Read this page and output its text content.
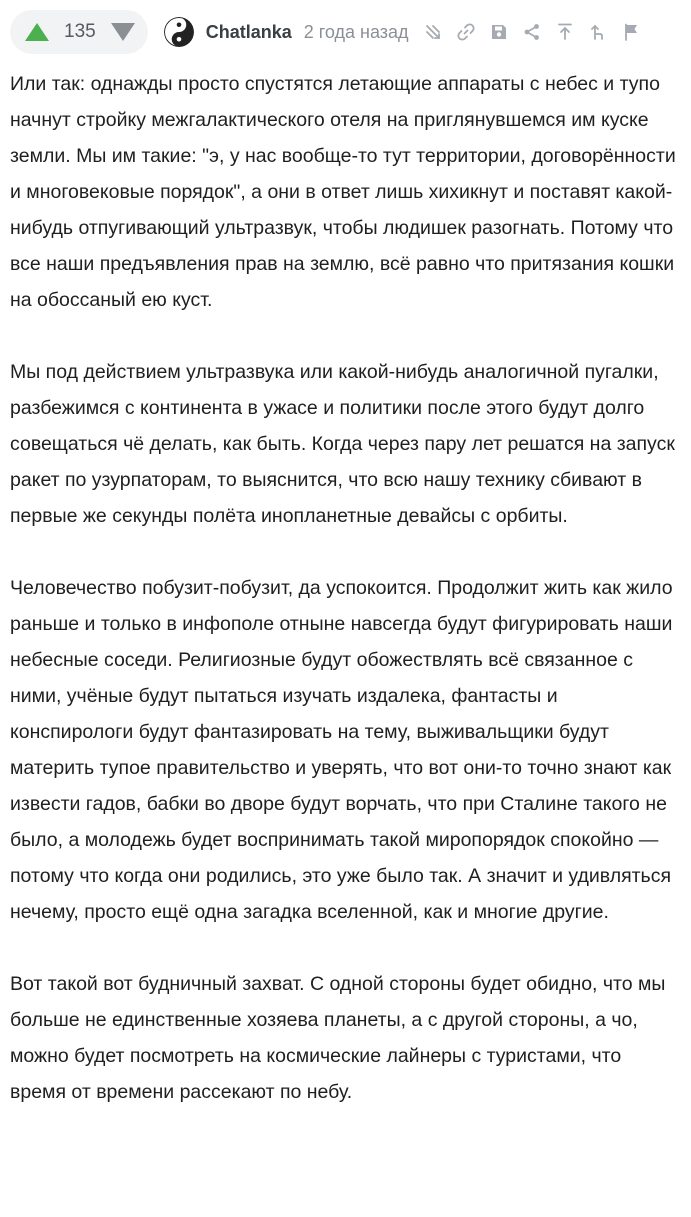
135	Chatlanka 2 года назад

Или так: однажды просто спустятся летающие аппараты с небес и тупо начнут стройку межгалактического отеля на приглянувшемся им куске земли. Мы им такие: "э, у нас вообще-то тут территории, договорённости и многовековые порядок", а они в ответ лишь хихикнут и поставят какой-нибудь отпугивающий ультразвук, чтобы людишек разогнать. Потому что все наши предъявления прав на землю, всё равно что притязания кошки на обоссаный ею куст.

Мы под действием ультразвука или какой-нибудь аналогичной пугалки, разбежимся с континента в ужасе и политики после этого будут долго совещаться чё делать, как быть. Когда через пару лет решатся на запуск ракет по узурпаторам, то выяснится, что всю нашу технику сбивают в первые же секунды полёта инопланетные девайсы с орбиты.

Человечество побузит-побузит, да успокоится. Продолжит жить как жило раньше и только в инфополе отныне навсегда будут фигурировать наши небесные соседи. Религиозные будут обожествлять всё связанное с ними, учёные будут пытаться изучать издалека, фантасты и конспирологи будут фантазировать на тему, выживальщики будут материть тупое правительство и уверять, что вот они-то точно знают как извести гадов, бабки во дворе будут ворчать, что при Сталине такого не было, а молодежь будет воспринимать такой миропорядок спокойно — потому что когда они родились, это уже было так. А значит и удивляться нечему, просто ещё одна загадка вселенной, как и многие другие.

Вот такой вот будничный захват. С одной стороны будет обидно, что мы больше не единственные хозяева планеты, а с другой стороны, а чо, можно будет посмотреть на космические лайнеры с туристами, что время от времени рассекают по небу.
